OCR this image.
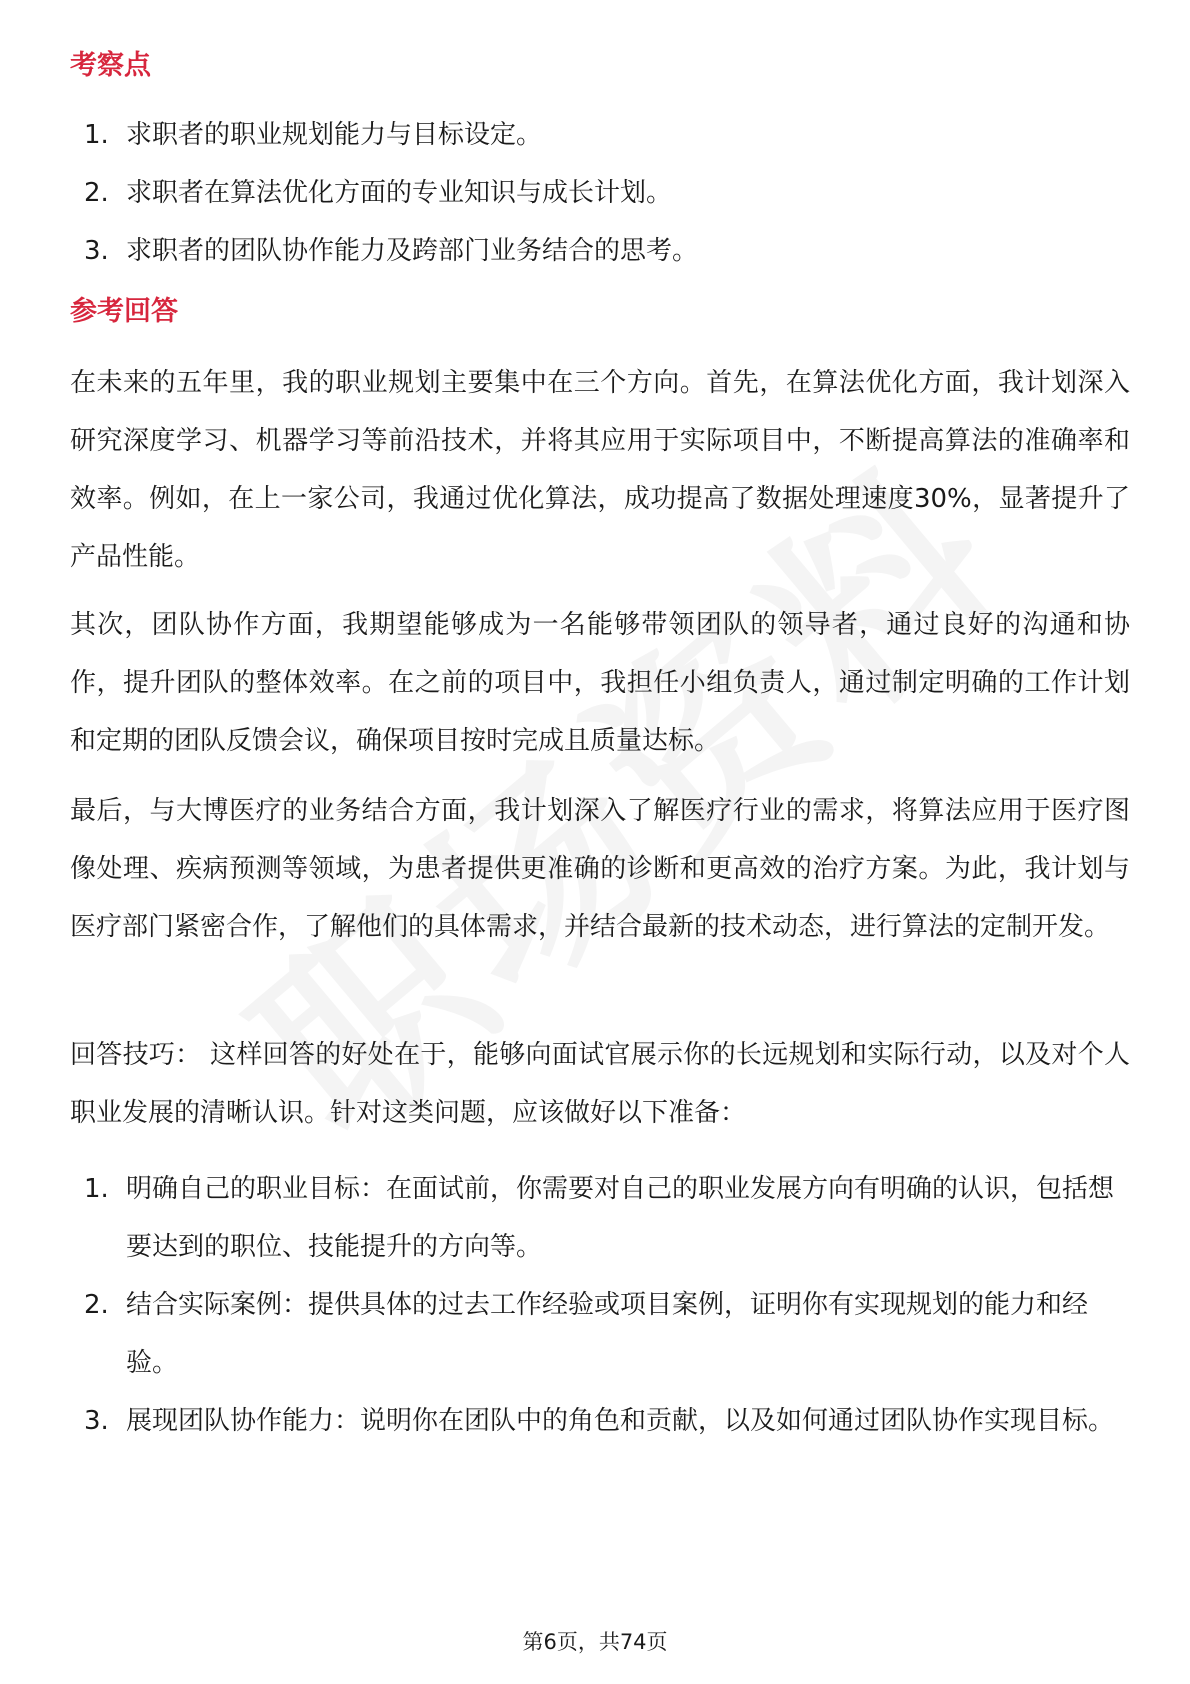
考察点
1. 求职者的职业规划能力与目标设定。
2. 求职者在算法优化方面的专业知识与成长计划。
3. 求职者的团队协作能力及跨部门业务结合的思考。
参考回答

在未来的五年里，我的职业规划主要集中在三个方向。首先，在算法优化方面，我计划深入研究深度学习、机器学习等前沿技术，并将其应用于实际项目中，不断提高算法的准确率和效率。例如，在上一家公司，我通过优化算法，成功提高了数据处理速度30%，显著提升了产品性能。

其次，团队协作方面，我期望能够成为一名能够带领团队的领导者，通过良好的沟通和协作，提升团队的整体效率。在之前的项目中，我担任小组负责人，通过制定明确的工作计划和定期的团队反馈会议，确保项目按时完成且质量达标。

最后，与大博医疗的业务结合方面，我计划深入了解医疗行业的需求，将算法应用于医疗图像处理、疾病预测等领域，为患者提供更准确的诊断和更高效的治疗方案。为此，我计划与医疗部门紧密合作，了解他们的具体需求，并结合最新的技术动态，进行算法的定制开发。

回答技巧： 这样回答的好处在于，能够向面试官展示你的长远规划和实际行动，以及对个人职业发展的清晰认识。针对这类问题，应该做好以下准备：

1. 明确自己的职业目标：在面试前，你需要对自己的职业发展方向有明确的认识，包括想要达到的职位、技能提升的方向等。
2. 结合实际案例：提供具体的过去工作经验或项目案例，证明你有实现规划的能力和经验。
3. 展现团队协作能力：说明你在团队中的角色和贡献，以及如何通过团队协作实现目标。
第6页，共74页
